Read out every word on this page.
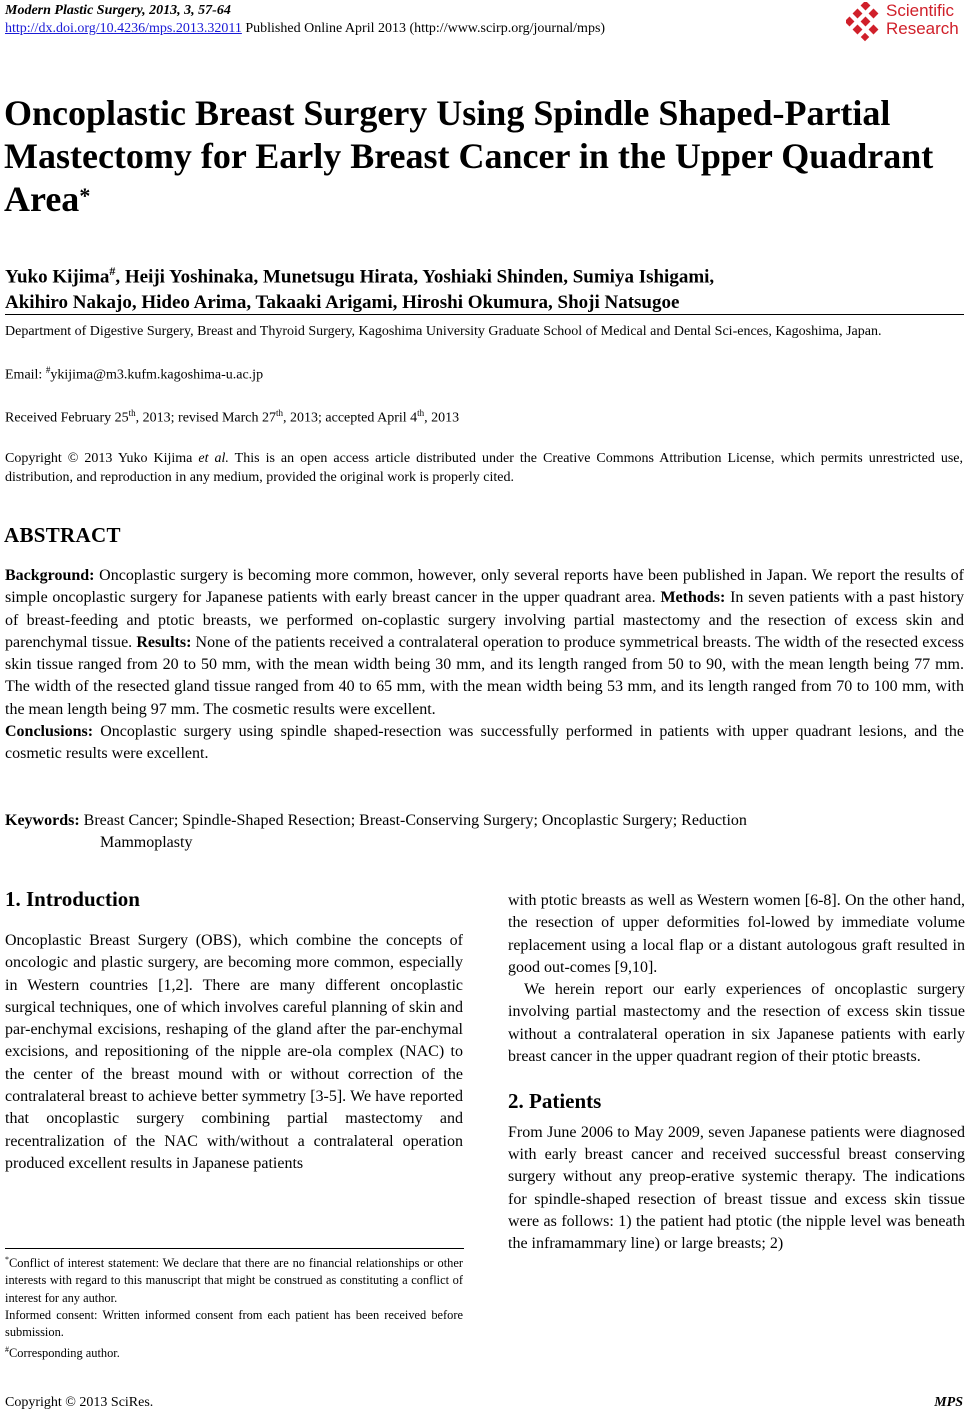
Modern Plastic Surgery, 2013, 3, 57-64
http://dx.doi.org/10.4236/mps.2013.32011 Published Online April 2013 (http://www.scirp.org/journal/mps)
Scientific
Research
Oncoplastic Breast Surgery Using Spindle Shaped-Partial Mastectomy for Early Breast Cancer in the Upper Quadrant Area*
Yuko Kijima#, Heiji Yoshinaka, Munetsugu Hirata, Yoshiaki Shinden, Sumiya Ishigami,
Akihiro Nakajo, Hideo Arima, Takaaki Arigami, Hiroshi Okumura, Shoji Natsugoe
Department of Digestive Surgery, Breast and Thyroid Surgery, Kagoshima University Graduate School of Medical and Dental Sci-ences, Kagoshima, Japan.
Email: #ykijima@m3.kufm.kagoshima-u.ac.jp
Received February 25th, 2013; revised March 27th, 2013; accepted April 4th, 2013
Copyright © 2013 Yuko Kijima et al. This is an open access article distributed under the Creative Commons Attribution License, which permits unrestricted use, distribution, and reproduction in any medium, provided the original work is properly cited.
ABSTRACT
Background: Oncoplastic surgery is becoming more common, however, only several reports have been published in Japan. We report the results of simple oncoplastic surgery for Japanese patients with early breast cancer in the upper quadrant area. Methods: In seven patients with a past history of breast-feeding and ptotic breasts, we performed on-coplastic surgery involving partial mastectomy and the resection of excess skin and parenchymal tissue. Results: None of the patients received a contralateral operation to produce symmetrical breasts. The width of the resected excess skin tissue ranged from 20 to 50 mm, with the mean width being 30 mm, and its length ranged from 50 to 90, with the mean length being 77 mm. The width of the resected gland tissue ranged from 40 to 65 mm, with the mean width being 53 mm, and its length ranged from 70 to 100 mm, with the mean length being 97 mm. The cosmetic results were excellent.
Conclusions: Oncoplastic surgery using spindle shaped-resection was successfully performed in patients with upper quadrant lesions, and the cosmetic results were excellent.
Keywords: Breast Cancer; Spindle-Shaped Resection; Breast-Conserving Surgery; Oncoplastic Surgery; Reduction
Mammoplasty
1. Introduction
Oncoplastic Breast Surgery (OBS), which combine the concepts of oncologic and plastic surgery, are becoming more common, especially in Western countries [1,2]. There are many different oncoplastic surgical techniques, one of which involves careful planning of skin and par-enchymal excisions, reshaping of the gland after the par-enchymal excisions, and repositioning of the nipple are-ola complex (NAC) to the center of the breast mound with or without correction of the contralateral breast to achieve better symmetry [3-5]. We have reported that oncoplastic surgery combining partial mastectomy and recentralization of the NAC with/without a contralateral operation produced excellent results in Japanese patients

*Conflict of interest statement: We declare that there are no financial relationships or other interests with regard to this manuscript that might be construed as constituting a conflict of interest for any author.

Informed consent: Written informed consent from each patient has been received before submission.

#Corresponding author.

with ptotic breasts as well as Western women [6-8]. On the other hand, the resection of upper deformities fol-lowed by immediate volume replacement using a local flap or a distant autologous graft resulted in good out-comes [9,10].

We herein report our early experiences of oncoplastic surgery involving partial mastectomy and the resection of excess skin tissue without a contralateral operation in six Japanese patients with early breast cancer in the upper quadrant region of their ptotic breasts.

2. Patients

From June 2006 to May 2009, seven Japanese patients were diagnosed with early breast cancer and received successful breast conserving surgery without any preop-erative systemic therapy. The indications for spindle-shaped resection of breast tissue and excess skin tissue were as follows: 1) the patient had ptotic (the nipple level was beneath the inframammary line) or large breasts; 2)

Copyright © 2013 SciRes.	MPS
